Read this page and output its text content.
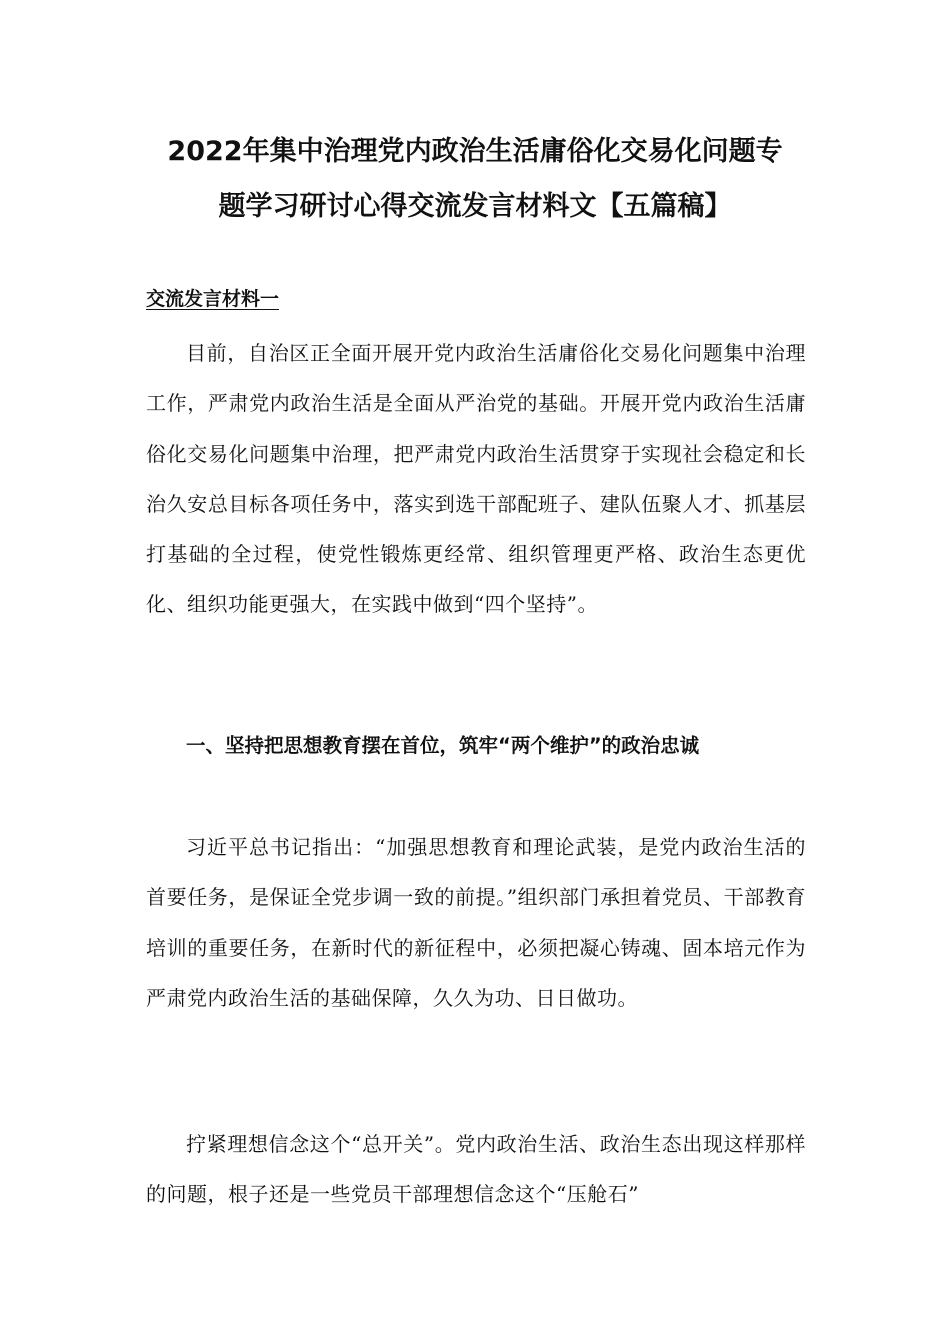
2022年集中治理党内政治生活庸俗化交易化问题专
题学习研讨心得交流发言材料文【五篇稿】
交流发言材料一

目前，自治区正全面开展开党内政治生活庸俗化交易化问题集中治理工作，严肃党内政治生活是全面从严治党的基础。开展开党内政治生活庸俗化交易化问题集中治理，把严肃党内政治生活贯穿于实现社会稳定和长治久安总目标各项任务中，落实到选干部配班子、建队伍聚人才、抓基层打基础的全过程，使党性锻炼更经常、组织管理更严格、政治生态更优化、组织功能更强大，在实践中做到“四个坚持”。

一、坚持把思想教育摆在首位，筑牢“两个维护”的政治忠诚

习近平总书记指出：“加强思想教育和理论武装，是党内政治生活的首要任务，是保证全党步调一致的前提。”组织部门承担着党员、干部教育培训的重要任务，在新时代的新征程中，必须把凝心铸魂、固本培元作为严肃党内政治生活的基础保障，久久为功、日日做功。

拧紧理想信念这个“总开关”。党内政治生活、政治生态出现这样那样的问题，根子还是一些党员干部理想信念这个“压舱石”
